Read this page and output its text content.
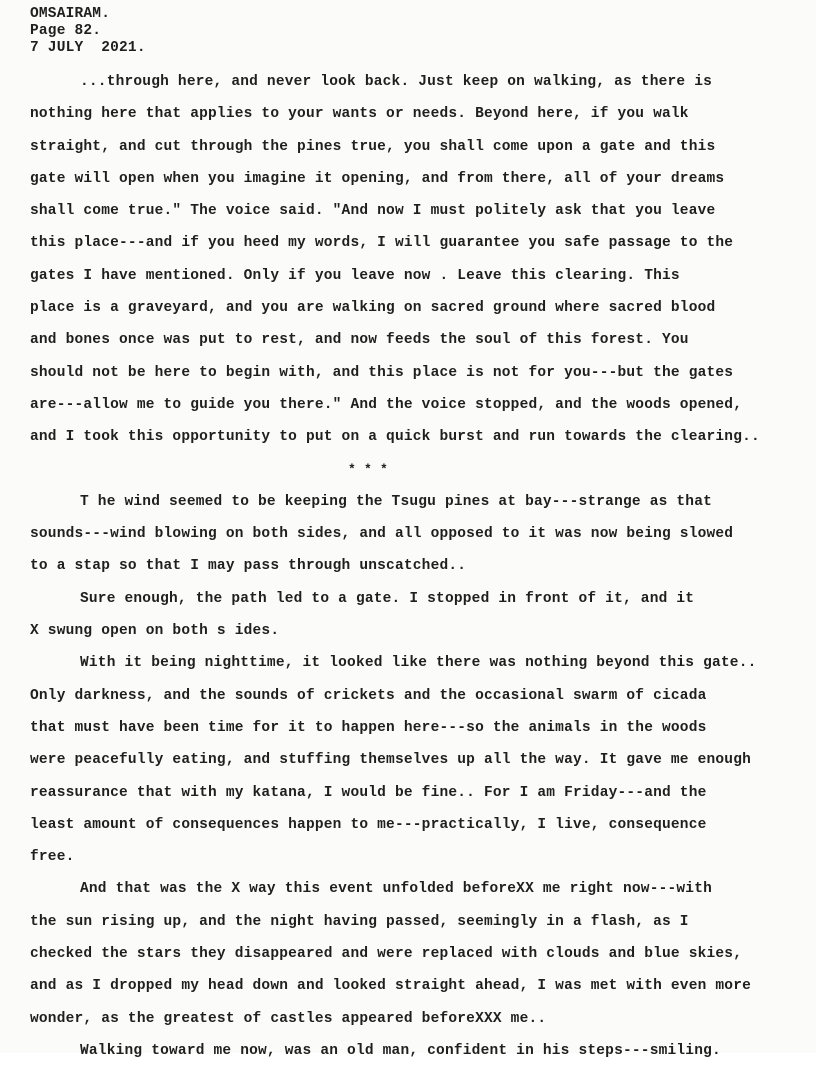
OMSAIRAM.
Page 82.
7 JULY  2021.
...through here, and never look back. Just keep on walking, as there is
nothing here that applies to your wants or needs. Beyond here, if you walk
straight, and cut through the pines true, you shall come upon a gate and this
gate will open when you imagine it opening, and from there, all of your dreams
shall come true." The voice said. "And now I must politely ask that you leave
this place---and if you heed my words, I will guarantee you safe passage to the
gates I have mentioned. Only if you leave now . Leave this clearing. This
place is a graveyard, and you are walking on sacred ground where sacred blood
and bones once was put to rest, and now feeds the soul of this forest. You
should not be here to begin with, and this place is not for you---but the gates
are---allow me to guide you there." And the voice stopped, and the woods opened,
and I took this opportunity to put on a quick burst and run towards the clearing..
* * *
T he wind seemed to be keeping the Tsugu pines at bay---strange as that
sounds---wind blowing on both sides, and all opposed to it was now being slowed
to a stap so that I may pass through unscatched..
Sure enough, the path led to a gate. I stopped in front of it, and it
X swung open on both s ides.
With it being nighttime, it looked like there was nothing beyond this gate..
Only darkness, and the sounds of crickets and the occasional swarm of cicada
that must have been time for it to happen here---so the animals in the woods
were peacefully eating, and stuffing themselves up all the way. It gave me enough
reassurance that with my katana, I would be fine.. For I am Friday---and the
least amount of consequences happen to me---practically, I live, consequence
free.
And that was the X way this event unfolded beforeXX me right now---with
the sun rising up, and the night having passed, seemingly in a flash, as I
checked the stars they disappeared and were replaced with clouds and blue skies,
and as I dropped my head down and looked straight ahead, I was met with even more
wonder, as the greatest of castles appeared beforeXXX me..
Walking toward me now, was an old man, confident in his steps---smiling.
